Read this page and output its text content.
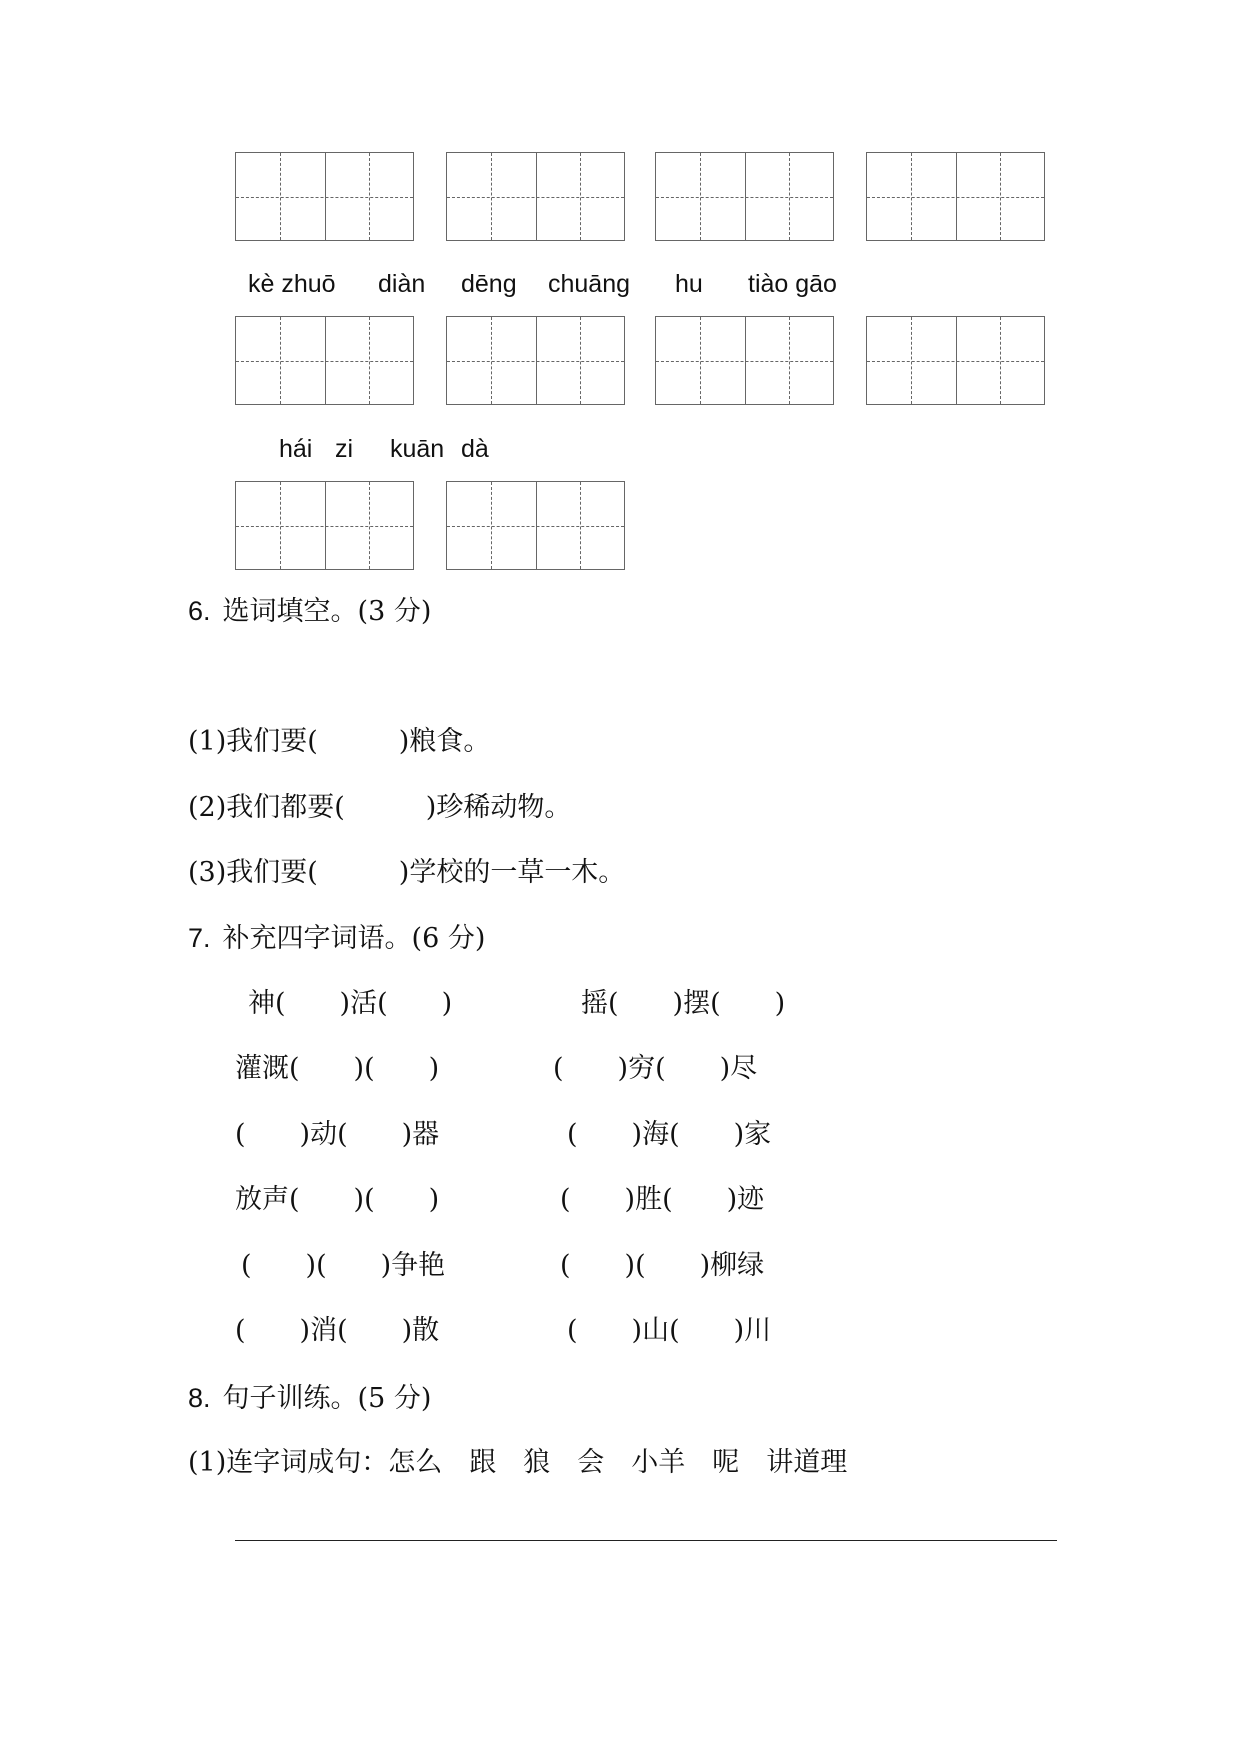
kè zhuō diàn dēng chuāng hu tiào gāo
hái zi kuān dà
6. 选词填空。(3 分)
(1)我们要(　　　)粮食。
(2)我们都要(　　　)珍稀动物。
(3)我们要(　　　)学校的一草一木。
7. 补充四字词语。(6 分)
神(　　)活(　　)
灌溉(　　)(　　)
(　　)动(　　)器
放声(　　)(　　)
(　　)(　　)争艳
(　　)消(　　)散
摇(　　)摆(　　)
(　　)穷(　　)尽
(　　)海(　　)家
(　　)胜(　　)迹
(　　)(　　)柳绿
(　　)山(　　)川
8. 句子训练。(5 分)
(1)连字词成句：怎么　跟　狼　会　小羊　呢　讲道理
